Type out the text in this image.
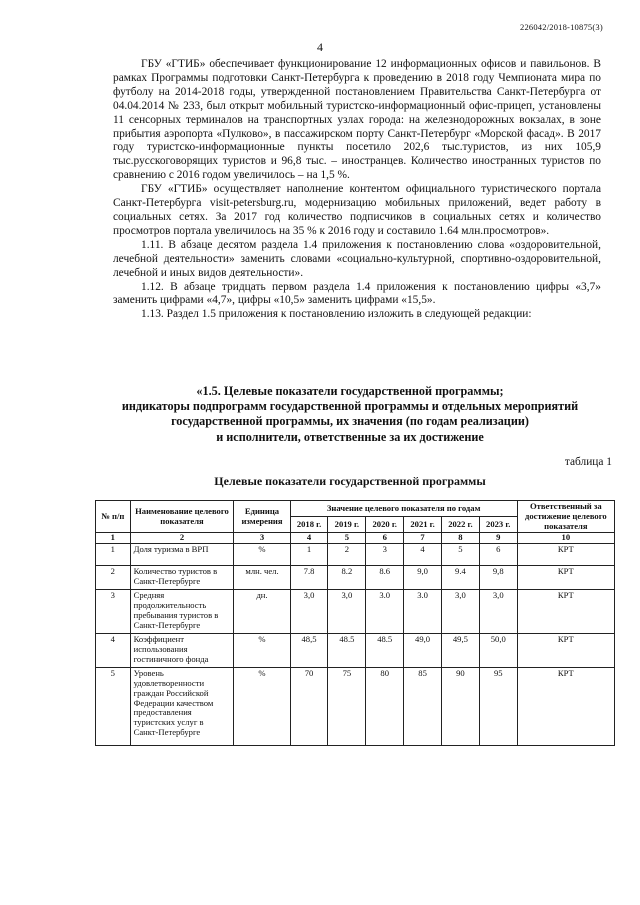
226042/2018-10875(3)
4

ГБУ «ГТИБ» обеспечивает функционирование 12 информационных офисов и павильонов. В рамках Программы подготовки Санкт-Петербурга к проведению в 2018 году Чемпионата мира по футболу на 2014-2018 годы, утвержденной постановлением Правительства Санкт-Петербурга от 04.04.2014 № 233, был открыт мобильный туристско-информационный офис-прицеп, установлены 11 сенсорных терминалов на транспортных узлах города: на железнодорожных вокзалах, в зоне прибытия аэропорта «Пулково», в пассажирском порту Санкт-Петербург «Морской фасад». В 2017 году туристско-информационные пункты посетило 202,6 тыс.туристов, из них 105,9 тыс.русскоговорящих туристов и 96,8 тыс. – иностранцев. Количество иностранных туристов по сравнению с 2016 годом увеличилось – на 1,5 %.

ГБУ «ГТИБ» осуществляет наполнение контентом официального туристического портала Санкт-Петербурга visit-petersburg.ru, модернизацию мобильных приложений, ведет работу в социальных сетях. За 2017 год количество подписчиков в социальных сетях и количество просмотров портала увеличилось на 35 % к 2016 году и составило 1.64 млн.просмотров».

1.11. В абзаце десятом раздела 1.4 приложения к постановлению слова «оздоровительной, лечебной деятельности» заменить словами «социально-культурной, спортивно-оздоровительной, лечебной и иных видов деятельности».

1.12. В абзаце тридцать первом раздела 1.4 приложения к постановлению цифры «3,7» заменить цифрами «4,7», цифры «10,5» заменить цифрами «15,5».

1.13. Раздел 1.5 приложения к постановлению изложить в следующей редакции:

«1.5. Целевые показатели государственной программы;
индикаторы подпрограмм государственной программы и отдельных мероприятий
государственной программы, их значения (по годам реализации)
и исполнители, ответственные за их достижение
таблица 1
Целевые показатели государственной программы
№ п/п	Наименование целевого показателя	Единица измерения	Значение целевого показателя по годам						Ответственный за достижение целевого показателя
			2018 г.	2019 г.	2020 г.	2021 г.	2022 г.	2023 г.	
1	2	3	4	5	6	7	8	9	10
1	Доля туризма в ВРП	%	1	2	3	4	5	6	КРТ
2	Количество туристов в Санкт-Петербурге	млн. чел.	7.8	8.2	8.6	9,0	9.4	9,8	КРТ
3	Средняя продолжительность пребывания туристов в Санкт-Петербурге	дн.	3,0	3,0	3.0	3.0	3,0	3,0	КРТ
4	Коэффициент использования гостиничного фонда	%	48,5	48.5	48.5	49,0	49,5	50,0	КРТ
5	Уровень удовлетворенности граждан Российской Федерации качеством предоставления туристских услуг в Санкт-Петербурге	%	70	75	80	85	90	95	КРТ
